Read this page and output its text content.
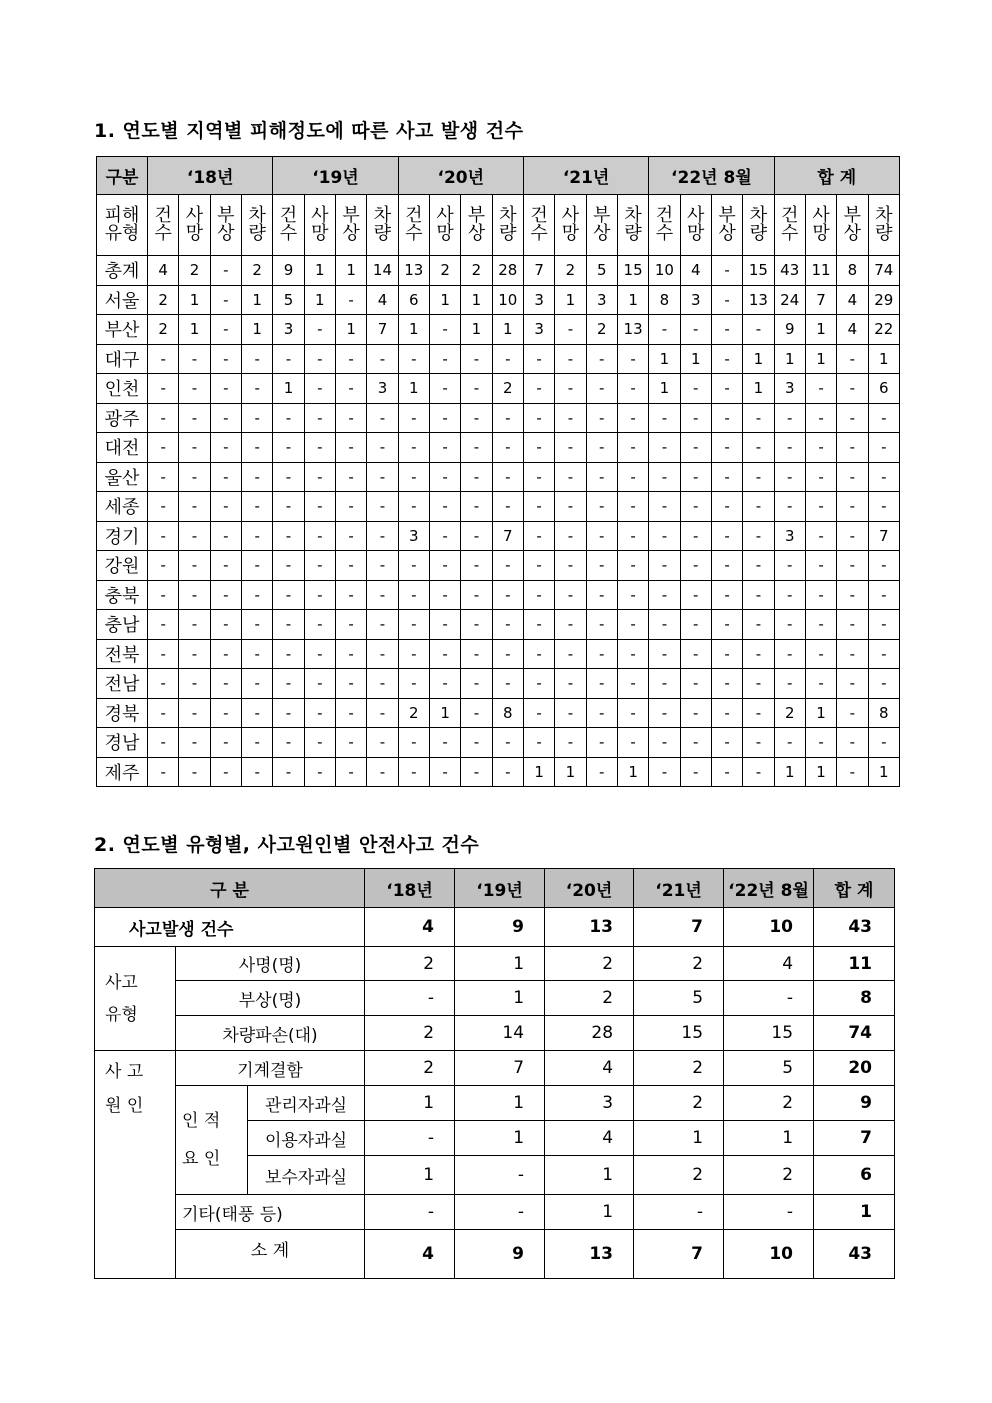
1. 연도별 지역별 피해정도에 따른 사고 발생 건수
구분	‘18년				‘19년				‘20년				‘21년				‘22년 8월				합 계			
피해유형	건수	사망	부상	차량	건수	사망	부상	차량	건수	사망	부상	차량	건수	사망	부상	차량	건수	사망	부상	차량	건수	사망	부상	차량
총계	4	2	-	2	9	1	1	14	13	2	2	28	7	2	5	15	10	4	-	15	43	11	8	74
서울	2	1	-	1	5	1	-	4	6	1	1	10	3	1	3	1	8	3	-	13	24	7	4	29
부산	2	1	-	1	3	-	1	7	1	-	1	1	3	-	2	13	-	-	-	-	9	1	4	22
대구	-	-	-	-	-	-	-	-	-	-	-	-	-	-	-	-	1	1	-	1	1	1	-	1
인천	-	-	-	-	1	-	-	3	1	-	-	2	-	-	-	-	1	-	-	1	3	-	-	6
광주	-	-	-	-	-	-	-	-	-	-	-	-	-	-	-	-	-	-	-	-	-	-	-	-
대전	-	-	-	-	-	-	-	-	-	-	-	-	-	-	-	-	-	-	-	-	-	-	-	-
울산	-	-	-	-	-	-	-	-	-	-	-	-	-	-	-	-	-	-	-	-	-	-	-	-
세종	-	-	-	-	-	-	-	-	-	-	-	-	-	-	-	-	-	-	-	-	-	-	-	-
경기	-	-	-	-	-	-	-	-	3	-	-	7	-	-	-	-	-	-	-	-	3	-	-	7
강원	-	-	-	-	-	-	-	-	-	-	-	-	-	-	-	-	-	-	-	-	-	-	-	-
충북	-	-	-	-	-	-	-	-	-	-	-	-	-	-	-	-	-	-	-	-	-	-	-	-
충남	-	-	-	-	-	-	-	-	-	-	-	-	-	-	-	-	-	-	-	-	-	-	-	-
전북	-	-	-	-	-	-	-	-	-	-	-	-	-	-	-	-	-	-	-	-	-	-	-	-
전남	-	-	-	-	-	-	-	-	-	-	-	-	-	-	-	-	-	-	-	-	-	-	-	-
경북	-	-	-	-	-	-	-	-	2	1	-	8	-	-	-	-	-	-	-	-	2	1	-	8
경남	-	-	-	-	-	-	-	-	-	-	-	-	-	-	-	-	-	-	-	-	-	-	-	-
제주	-	-	-	-	-	-	-	-	-	-	-	-	1	1	-	1	-	-	-	-	1	1	-	1
2. 연도별 유형별, 사고원인별 안전사고 건수
구 분			‘18년	‘19년	‘20년	‘21년	‘22년 8월	합 계
사고발생 건수			4	9	13	7	10	43

사고
유형	사명(명)		2	1	2	2	4	11
	부상(명)		-	1	2	5	-	8
	차량파손(대)		2	14	28	15	15	74

사 고
원 인	기계결함		2	7	4	2	5	20

	인 적
요 인	관리자과실	1	1	3	2	2	9
		이용자과실	-	1	4	1	1	7
		보수자과실	1	-	1	2	2	6
	기타(태풍 등)		-	-	1	-	-	1
	소 계		4	9	13	7	10	43
